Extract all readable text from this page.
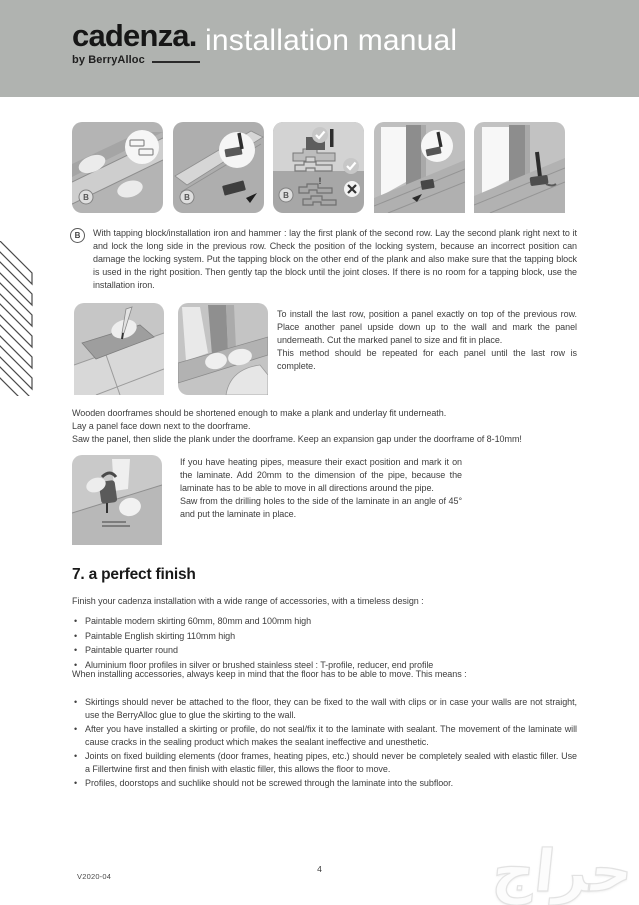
cadenza.
by BerryAlloc
installation manual
B	B
!
B
B	With tapping block/installation iron and hammer : lay the first plank of the second row. Lay the second plank right next to it and lock the long side in the previous row. Check the position of the locking system, because an incorrect position can damage the locking system. Put the tapping block on the other end of the plank and also make sure that the tapping block is used in the right position. Then gently tap the block until the joint closes. If there is no room for a tapping block, use the installation iron.

To install the last row, position a panel exactly on top of the previous row. Place another panel upside down up to the wall and mark the panel underneath. Cut the marked panel to size and fit in place.

This method should be repeated for each panel until the last row is complete.

Wooden doorframes should be shortened enough to make a plank and underlay fit underneath.

Lay a panel face down next to the doorframe.

Saw the panel, then slide the plank under the doorframe. Keep an expansion gap under the doorframe of 8-10mm!

If you have heating pipes, measure their exact position and mark it on the laminate. Add 20mm to the dimension of the pipe, because the laminate has to be able to move in all directions around the pipe.

Saw from the drilling holes to the side of the laminate in an angle of 45° and put the laminate in place.

7. a perfect finish

Finish your cadenza installation with a wide range of accessories, with a timeless design :

• Paintable modern skirting 60mm, 80mm and 100mm high
• Paintable English skirting 110mm high
• Paintable quarter round
• Aluminium floor profiles in silver or brushed stainless steel : T-profile, reducer, end profile

When installing accessories, always keep in mind that the floor has to be able to move. This means :

• Skirtings should never be attached to the floor, they can be fixed to the wall with clips or in case your walls are not straight, use the BerryAlloc glue to glue the skirting to the wall.
• After you have installed a skirting or profile, do not seal/fix it to the laminate with sealant. The movement of the laminate will cause cracks in the sealing product which makes the sealant ineffective and unesthetic.
• Joints on fixed building elements (door frames, heating pipes, etc.) should never be completely sealed with elastic filler. Use a Fillertwine first and then finish with elastic filler, this allows the floor to move.
• Profiles, doorstops and suchlike should not be screwed through the laminate into the subfloor.
V2020-04
4	حراج
